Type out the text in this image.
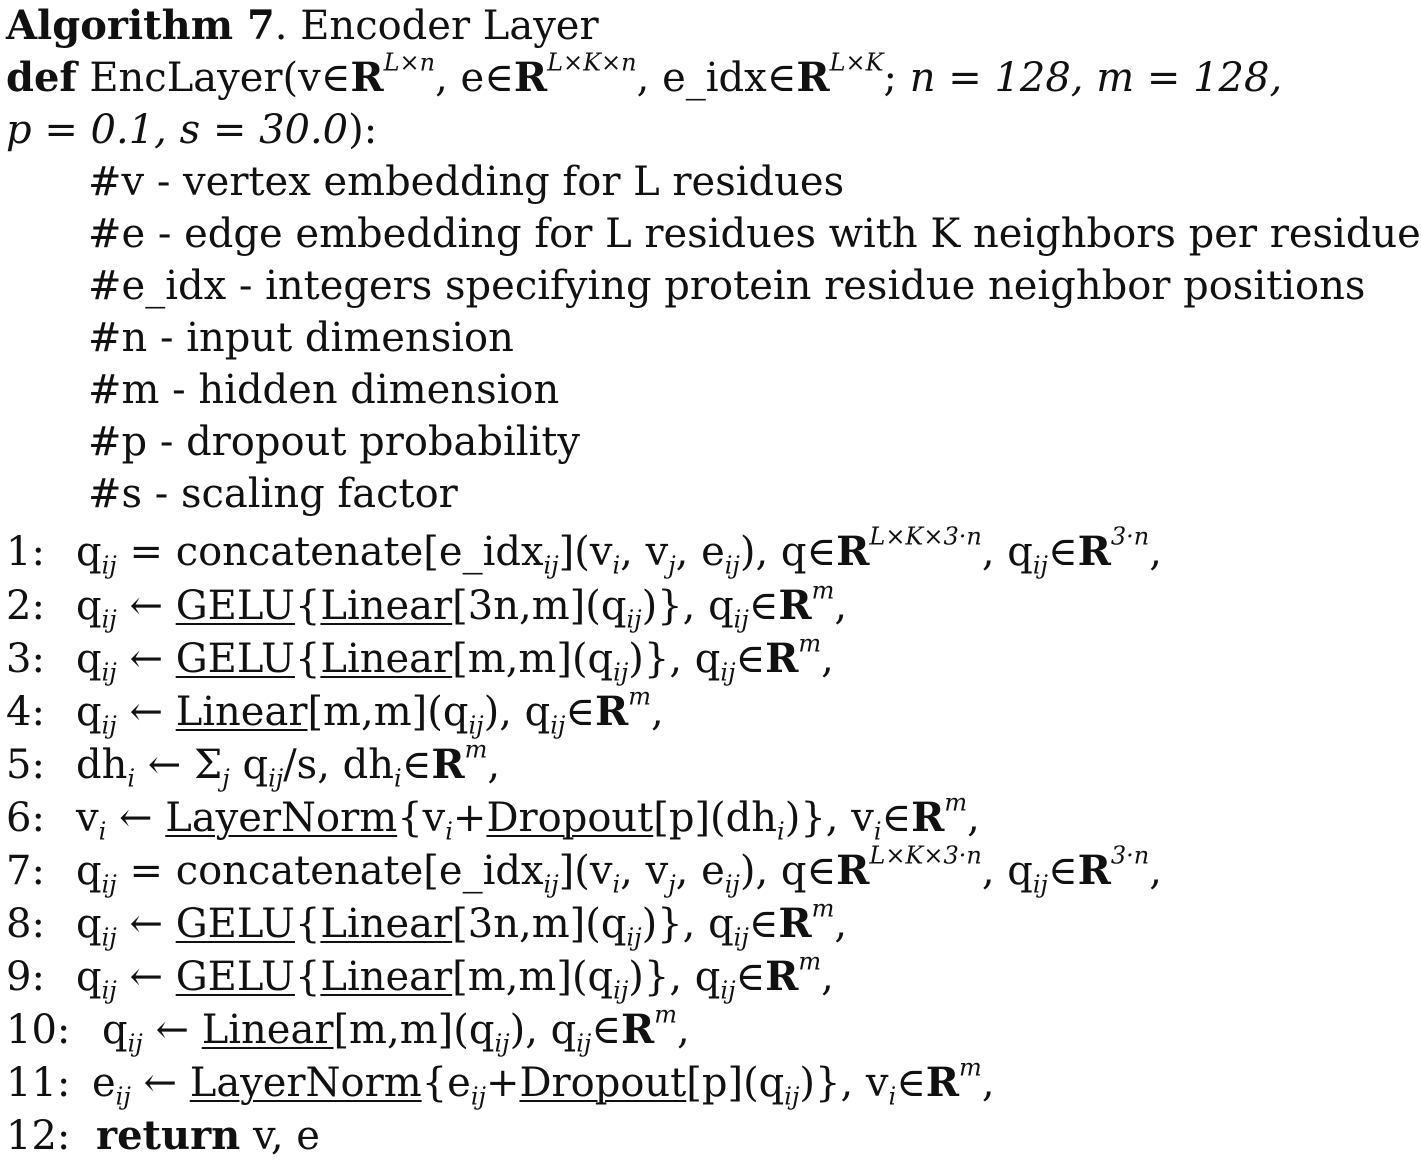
Algorithm 7. Encoder Layer
def $EncLayer(v\in R^{L\times n}$, $e\in R^{L\times K\times n}$, $e\_idx\in R^{L\times K}$; n = 128, m = 128,
p = 0.1, s = 30.0):
#v - vertex embedding for L residues
#e - edge embedding for L residues with K neighbors per residue
#e_idx - integers specifying protein residue neighbor positions
#n - input dimension
#m - hidden dimension
#p - dropout probability
#s - scaling factor
1: $q_{ij}$ = $concatenate[e\_idx_{ij}](v_i$, $v_j$, $e_{ij}$), $q\in R^{L\times K\times 3\cdot n}$, $q_{ij}\in R^{3\cdot n}$,
2: $q_{ij}$ ← $GELU\{Linear[3n,m](q_{ij})\}$, $q_{ij}\in R^m$,
3: $q_{ij}$ ← $GELU\{Linear[m,m](q_{ij})\}$, $q_{ij}\in R^m$,
4: $q_{ij}$ ← $Linear[m,m](q_{ij})$, $q_{ij}\in R^m$,
5: $dh_i$ ← $\Sigma_j$ $q_{ij}/s$, $dh_i\in R^m$,
6: $v_i$ ← $LayerNorm\{v_i+Dropout[p](dh_i)\}$, $v_i\in R^m$,
7: $q_{ij}$ = $concatenate[e\_idx_{ij}](v_i$, $v_j$, $e_{ij}$), $q\in R^{L\times K\times 3\cdot n}$, $q_{ij}\in R^{3\cdot n}$,
8: $q_{ij}$ ← $GELU\{Linear[3n,m](q_{ij})\}$, $q_{ij}\in R^m$,
9: $q_{ij}$ ← $GELU\{Linear[m,m](q_{ij})\}$, $q_{ij}\in R^m$,
10: $q_{ij}$ ← $Linear[m,m](q_{ij})$, $q_{ij}\in R^m$,
11: $e_{ij}$ ← $LayerNorm\{e_{ij}+Dropout[p](q_{ij})\}$, $v_i\in R^m$,
12: return v, e
